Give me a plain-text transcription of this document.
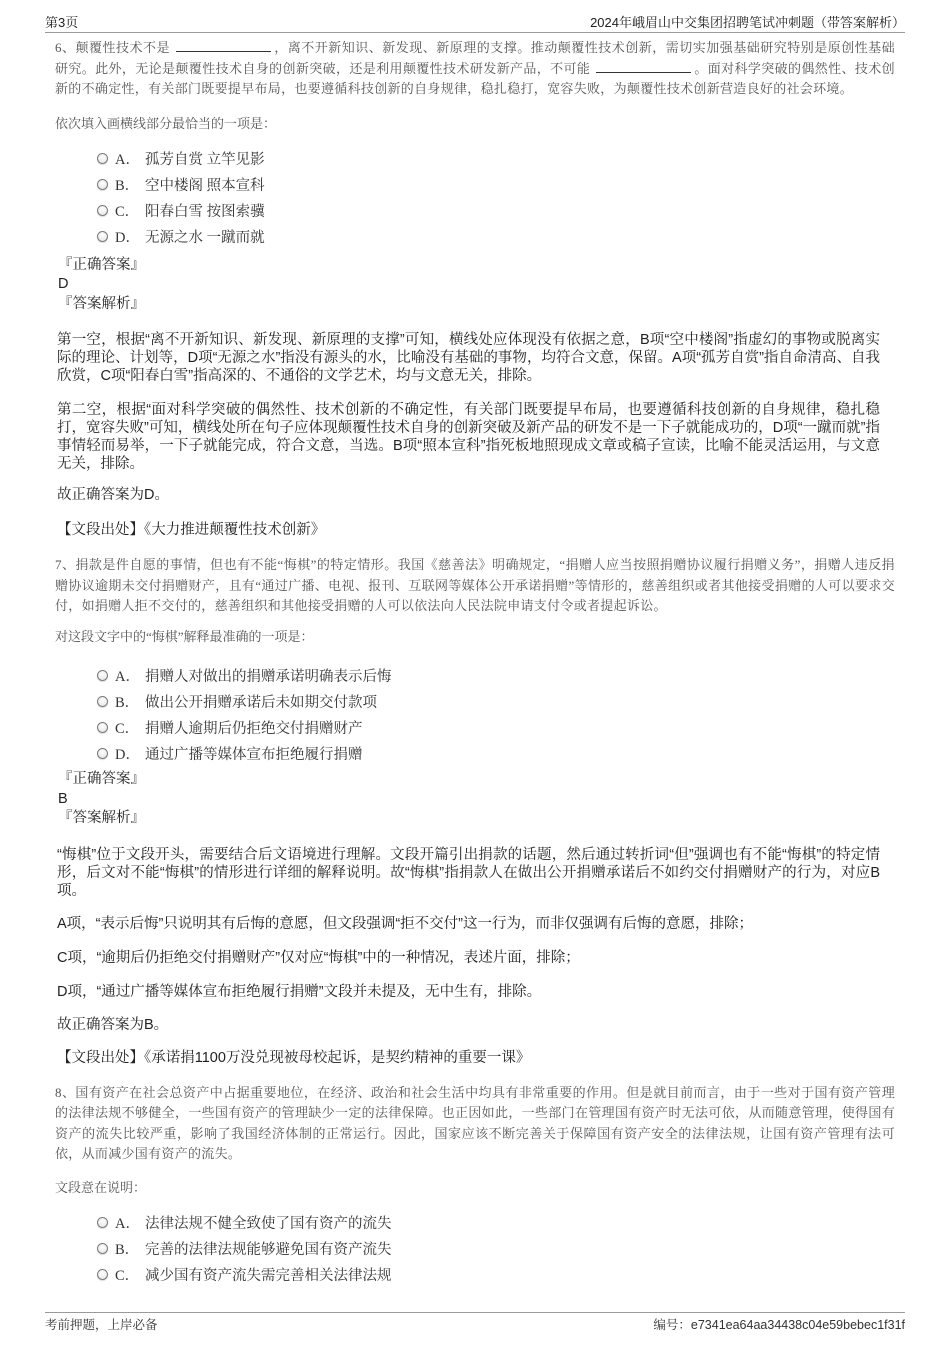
第3页	2024年峨眉山中交集团招聘笔试冲刺题（带答案解析）

6、颠覆性技术不是	，离不开新知识、新发现、新原理的支撑。推动颠覆性技术创新，需切实加强基础研究特别是原创性基础研究。此外，无论是颠覆性技术自身的创新突破，还是利用颠覆性技术研发新产品，不可能	。面对科学突破的偶然性、技术创新的不确定性，有关部门既要提早布局，也要遵循科技创新的自身规律，稳扎稳打，宽容失败，为颠覆性技术创新营造良好的社会环境。

依次填入画横线部分最恰当的一项是：

A． 孤芳自赏 立竿见影
B． 空中楼阁 照本宣科
C． 阳春白雪 按图索骥
D． 无源之水 一蹴而就

『正确答案』

D

『答案解析』

第一空，根据“离不开新知识、新发现、新原理的支撑”可知，横线处应体现没有依据之意，B项“空中楼阁”指虚幻的事物或脱离实际的理论、计划等，D项“无源之水”指没有源头的水，比喻没有基础的事物，均符合文意，保留。A项“孤芳自赏”指自命清高、自我欣赏，C项“阳春白雪”指高深的、不通俗的文学艺术，均与文意无关，排除。

第二空，根据“面对科学突破的偶然性、技术创新的不确定性，有关部门既要提早布局，也要遵循科技创新的自身规律，稳扎稳打，宽容失败”可知，横线处所在句子应体现颠覆性技术自身的创新突破及新产品的研发不是一下子就能成功的，D项“一蹴而就”指事情轻而易举，一下子就能完成，符合文意，当选。B项“照本宣科”指死板地照现成文章或稿子宣读，比喻不能灵活运用，与文意无关，排除。

故正确答案为D。

【文段出处】《大力推进颠覆性技术创新》

7、捐款是件自愿的事情，但也有不能“悔棋”的特定情形。我国《慈善法》明确规定，“捐赠人应当按照捐赠协议履行捐赠义务”，捐赠人违反捐赠协议逾期未交付捐赠财产，且有“通过广播、电视、报刊、互联网等媒体公开承诺捐赠”等情形的，慈善组织或者其他接受捐赠的人可以要求交付，如捐赠人拒不交付的，慈善组织和其他接受捐赠的人可以依法向人民法院申请支付令或者提起诉讼。

对这段文字中的“悔棋”解释最准确的一项是：

A． 捐赠人对做出的捐赠承诺明确表示后悔
B． 做出公开捐赠承诺后未如期交付款项
C． 捐赠人逾期后仍拒绝交付捐赠财产
D． 通过广播等媒体宣布拒绝履行捐赠

『正确答案』

B

『答案解析』

“悔棋”位于文段开头，需要结合后文语境进行理解。文段开篇引出捐款的话题，然后通过转折词“但”强调也有不能“悔棋”的特定情形，后文对不能“悔棋”的情形进行详细的解释说明。故“悔棋”指捐款人在做出公开捐赠承诺后不如约交付捐赠财产的行为，对应B项。

A项，“表示后悔”只说明其有后悔的意愿，但文段强调“拒不交付”这一行为，而非仅强调有后悔的意愿，排除；

C项，“逾期后仍拒绝交付捐赠财产”仅对应“悔棋”中的一种情况，表述片面，排除；

D项，“通过广播等媒体宣布拒绝履行捐赠”文段并未提及，无中生有，排除。

故正确答案为B。

【文段出处】《承诺捐1100万没兑现被母校起诉，是契约精神的重要一课》

8、国有资产在社会总资产中占据重要地位，在经济、政治和社会生活中均具有非常重要的作用。但是就目前而言，由于一些对于国有资产管理的法律法规不够健全，一些国有资产的管理缺少一定的法律保障。也正因如此，一些部门在管理国有资产时无法可依，从而随意管理，使得国有资产的流失比较严重，影响了我国经济体制的正常运行。因此，国家应该不断完善关于保障国有资产安全的法律法规，让国有资产管理有法可依，从而减少国有资产的流失。

文段意在说明：

A． 法律法规不健全致使了国有资产的流失
B． 完善的法律法规能够避免国有资产流失
C． 减少国有资产流失需完善相关法律法规
考前押题，上岸必备	编号：e7341ea64aa34438c04e59bebec1f31f
